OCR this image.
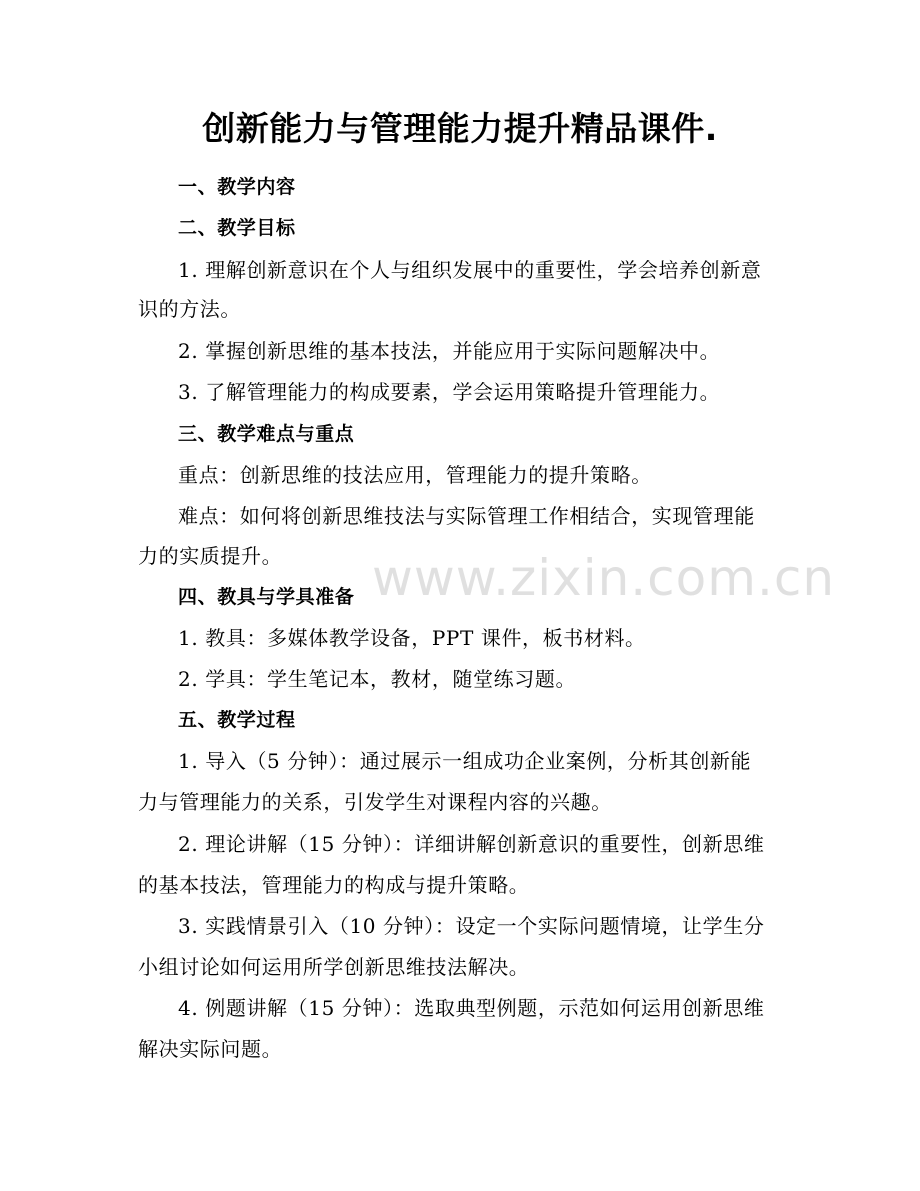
创新能力与管理能力提升精品课件.
一、教学内容
二、教学目标
1. 理解创新意识在个人与组织发展中的重要性，学会培养创新意
识的方法。
2. 掌握创新思维的基本技法，并能应用于实际问题解决中。
3. 了解管理能力的构成要素，学会运用策略提升管理能力。
三、教学难点与重点
重点：创新思维的技法应用，管理能力的提升策略。
难点：如何将创新思维技法与实际管理工作相结合，实现管理能
力的实质提升。 www.zixin.com.cn
四、教具与学具准备
1. 教具：多媒体教学设备，PPT 课件，板书材料。
2. 学具：学生笔记本，教材，随堂练习题。
五、教学过程
1. 导入（5 分钟）：通过展示一组成功企业案例，分析其创新能
力与管理能力的关系，引发学生对课程内容的兴趣。
2. 理论讲解（15 分钟）：详细讲解创新意识的重要性，创新思维
的基本技法，管理能力的构成与提升策略。
3. 实践情景引入（10 分钟）：设定一个实际问题情境，让学生分
小组讨论如何运用所学创新思维技法解决。
4. 例题讲解（15 分钟）：选取典型例题，示范如何运用创新思维
解决实际问题。
